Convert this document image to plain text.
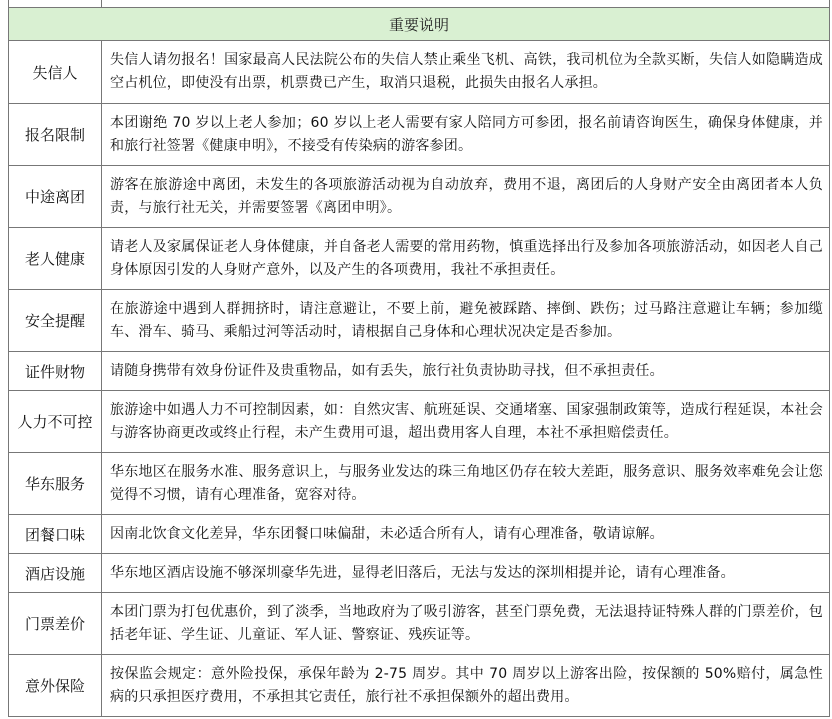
重要说明	
失信人	失信人请勿报名！国家最高人民法院公布的失信人禁止乘坐飞机、高铁，我司机位为全款买断，失信人如隐瞒造成空占机位，即使没有出票，机票费已产生，取消只退税，此损失由报名人承担。
报名限制	本团谢绝 70 岁以上老人参加；60 岁以上老人需要有家人陪同方可参团，报名前请咨询医生，确保身体健康，并和旅行社签署《健康申明》，不接受有传染病的游客参团。
中途离团	游客在旅游途中离团，未发生的各项旅游活动视为自动放弃，费用不退，离团后的人身财产安全由离团者本人负责，与旅行社无关，并需要签署《离团申明》。
老人健康	请老人及家属保证老人身体健康，并自备老人需要的常用药物，慎重选择出行及参加各项旅游活动，如因老人自己身体原因引发的人身财产意外，以及产生的各项费用，我社不承担责任。
安全提醒	在旅游途中遇到人群拥挤时，请注意避让，不要上前，避免被踩踏、摔倒、跌伤；过马路注意避让车辆；参加缆车、滑车、骑马、乘船过河等活动时，请根据自己身体和心理状况决定是否参加。
证件财物	请随身携带有效身份证件及贵重物品，如有丢失，旅行社负责协助寻找，但不承担责任。
人力不可控	旅游途中如遇人力不可控制因素，如：自然灾害、航班延误、交通堵塞、国家强制政策等，造成行程延误，本社会与游客协商更改或终止行程，未产生费用可退，超出费用客人自理，本社不承担赔偿责任。
华东服务	华东地区在服务水准、服务意识上，与服务业发达的珠三角地区仍存在较大差距，服务意识、服务效率难免会让您觉得不习惯，请有心理准备，宽容对待。
团餐口味	因南北饮食文化差异，华东团餐口味偏甜，未必适合所有人，请有心理准备，敬请谅解。
酒店设施	华东地区酒店设施不够深圳豪华先进，显得老旧落后，无法与发达的深圳相提并论，请有心理准备。
门票差价	本团门票为打包优惠价，到了淡季，当地政府为了吸引游客，甚至门票免费，无法退持证特殊人群的门票差价，包括老年证、学生证、儿童证、军人证、警察证、残疾证等。
意外保险	按保监会规定：意外险投保，承保年龄为 2-75 周岁。其中 70 周岁以上游客出险，按保额的 50%赔付，属急性病的只承担医疗费用，不承担其它责任，旅行社不承担保额外的超出费用。
